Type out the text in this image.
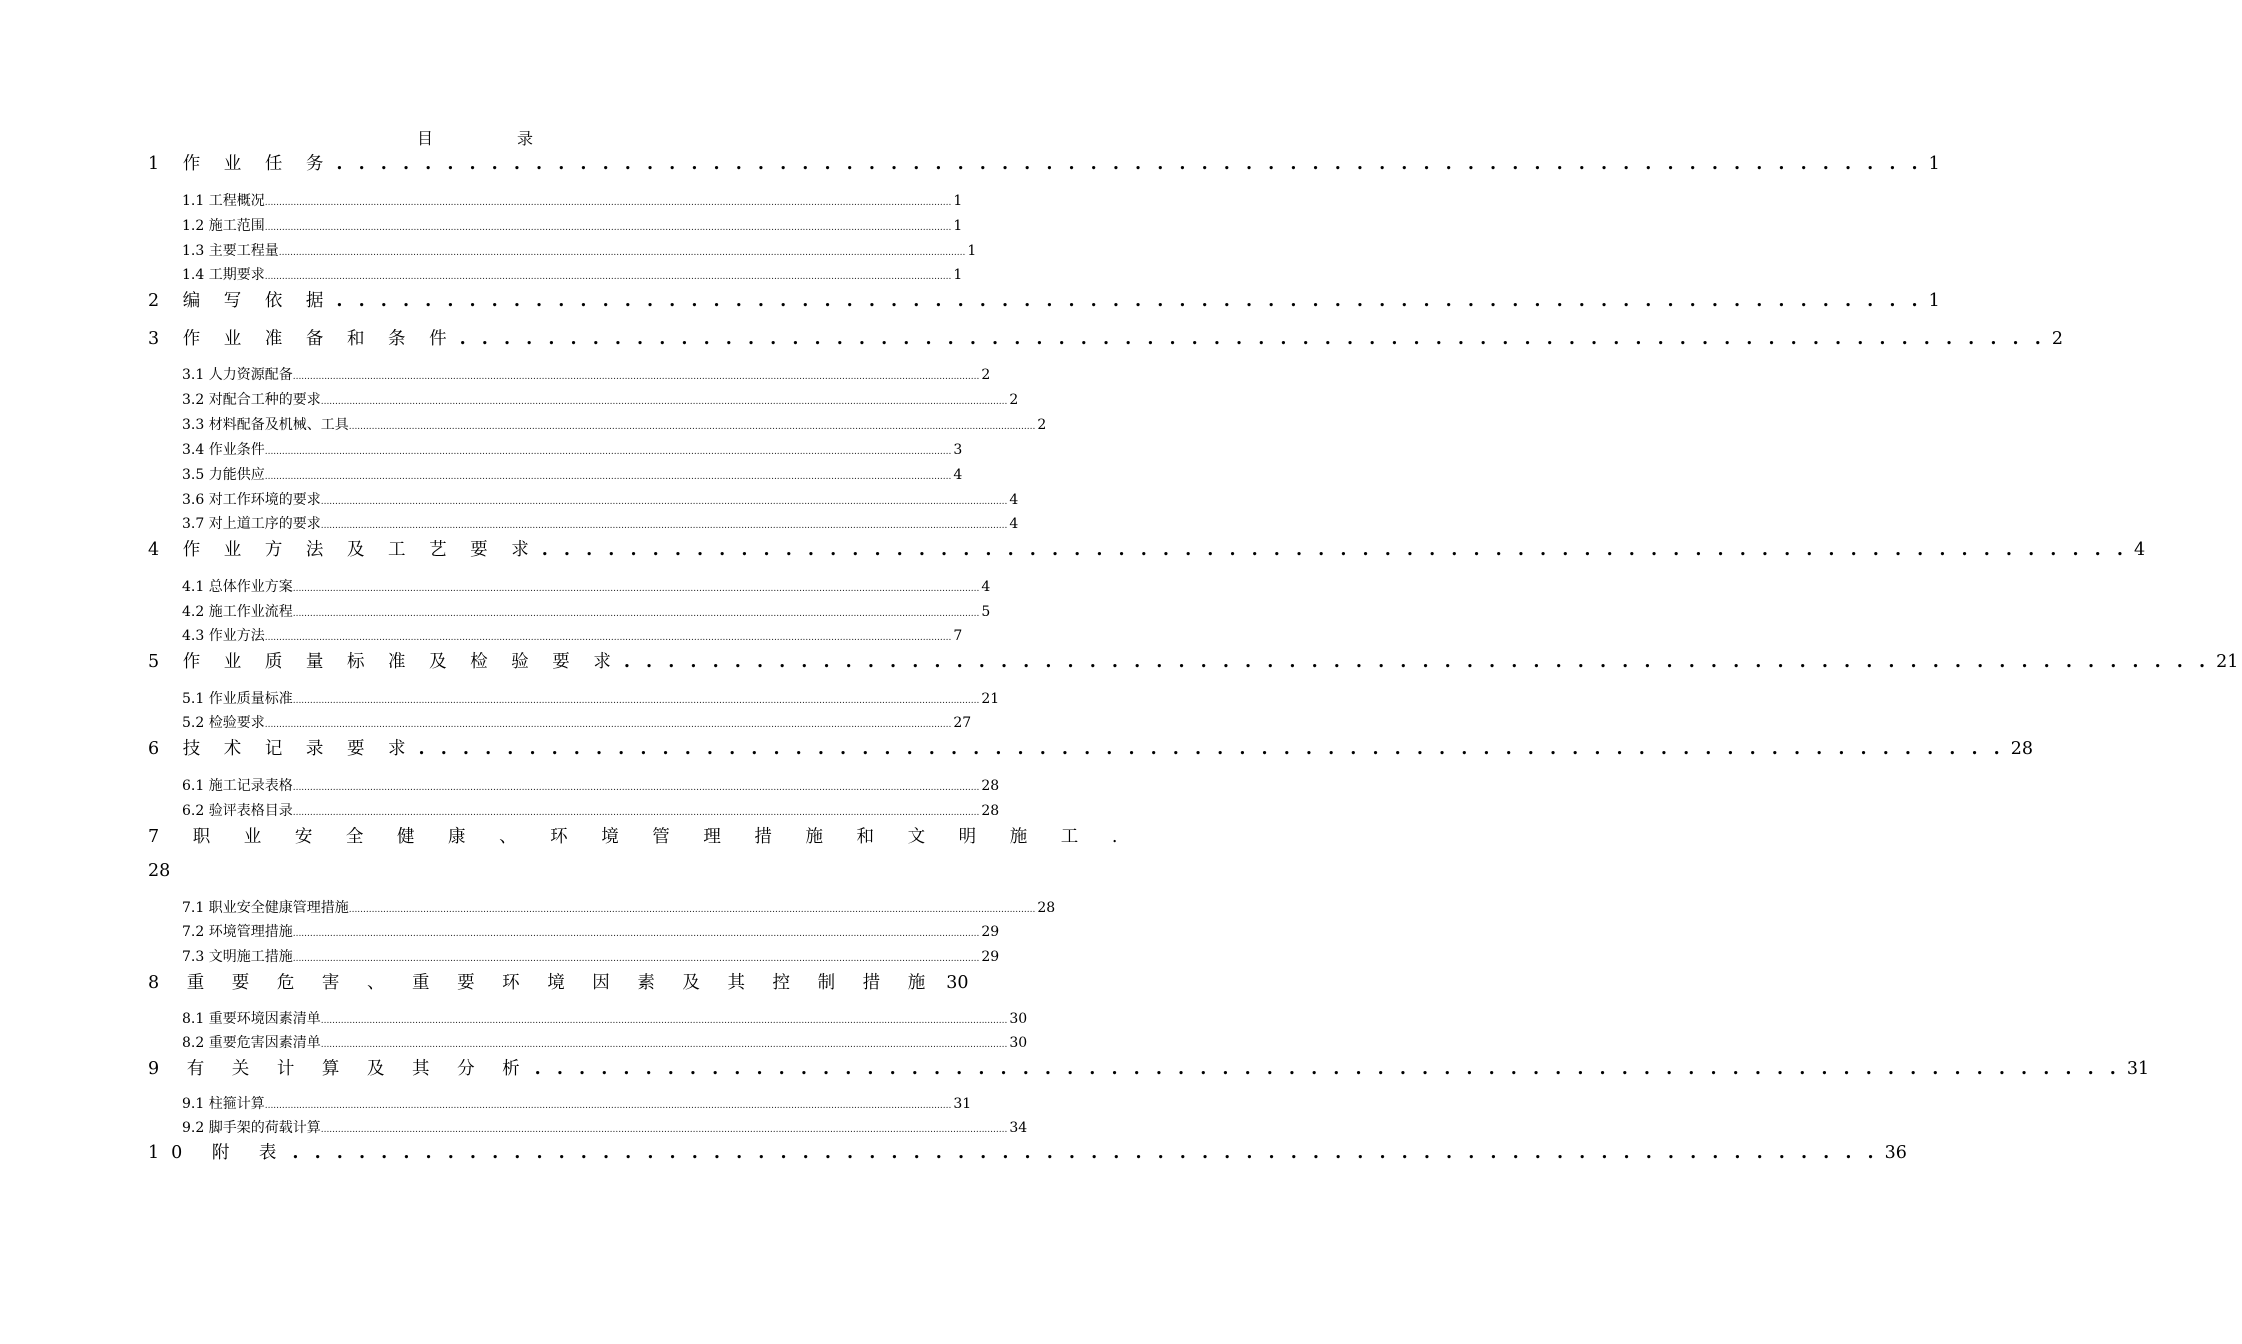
目	录
1 作 业 任 务 . . . . . . . . . . . . . . . . . . . . . . . . . . . . . . . . . . . . . . . . . . . . . . . . . . . . . . . . . . . . . . . . . . . . . . . . 1
1.1 工程概况 ................................................................................................................................................................................................................................................ 1
1.2 施工范围 ................................................................................................................................................................................................................................................ 1
1.3 主要工程量 ................................................................................................................................................................................................................................................ 1
1.4 工期要求 ................................................................................................................................................................................................................................................ 1
2 编 写 依 据 . . . . . . . . . . . . . . . . . . . . . . . . . . . . . . . . . . . . . . . . . . . . . . . . . . . . . . . . . . . . . . . . . . . . . . . . 1
3 作 业 准 备 和 条 件 . . . . . . . . . . . . . . . . . . . . . . . . . . . . . . . . . . . . . . . . . . . . . . . . . . . . . . . . . . . . . . . . . . . . . . . . 2
3.1 人力资源配备 ................................................................................................................................................................................................................................................ 2
3.2 对配合工种的要求 ................................................................................................................................................................................................................................................ 2
3.3 材料配备及机械、工具 ................................................................................................................................................................................................................................................ 2
3.4 作业条件 ................................................................................................................................................................................................................................................ 3
3.5 力能供应 ................................................................................................................................................................................................................................................ 4
3.6 对工作环境的要求 ................................................................................................................................................................................................................................................ 4
3.7 对上道工序的要求 ................................................................................................................................................................................................................................................ 4
4 作 业 方 法 及 工 艺 要 求 . . . . . . . . . . . . . . . . . . . . . . . . . . . . . . . . . . . . . . . . . . . . . . . . . . . . . . . . . . . . . . . . . . . . . . . . 4
4.1 总体作业方案 ................................................................................................................................................................................................................................................ 4
4.2 施工作业流程 ................................................................................................................................................................................................................................................ 5
4.3 作业方法 ................................................................................................................................................................................................................................................ 7
5 作 业 质 量 标 准 及 检 验 要 求 . . . . . . . . . . . . . . . . . . . . . . . . . . . . . . . . . . . . . . . . . . . . . . . . . . . . . . . . . . . . . . . . . . . . . . . . 21
5.1 作业质量标准 ................................................................................................................................................................................................................................................ 21
5.2 检验要求 ................................................................................................................................................................................................................................................ 27
6 技 术 记 录 要 求 . . . . . . . . . . . . . . . . . . . . . . . . . . . . . . . . . . . . . . . . . . . . . . . . . . . . . . . . . . . . . . . . . . . . . . . . 28
6.1 施工记录表格 ................................................................................................................................................................................................................................................ 28
6.2 验评表格目录 ................................................................................................................................................................................................................................................ 28
7 职 业 安 全 健 康 、 环 境 管 理 措 施 和 文 明 施 工 .
28
7.1 职业安全健康管理措施 ................................................................................................................................................................................................................................................ 28
7.2 环境管理措施 ................................................................................................................................................................................................................................................ 29
7.3 文明施工措施 ................................................................................................................................................................................................................................................ 29
8 重 要 危 害 、 重 要 环 境 因 素 及 其 控 制 措 施 30
8.1 重要环境因素清单 ................................................................................................................................................................................................................................................ 30
8.2 重要危害因素清单 ................................................................................................................................................................................................................................................ 30
9 有 关 计 算 及 其 分 析 . . . . . . . . . . . . . . . . . . . . . . . . . . . . . . . . . . . . . . . . . . . . . . . . . . . . . . . . . . . . . . . . . . . . . . . . 31
9.1 柱箍计算 ................................................................................................................................................................................................................................................ 31
9.2 脚手架的荷载计算 ................................................................................................................................................................................................................................................ 34
10 附 表 . . . . . . . . . . . . . . . . . . . . . . . . . . . . . . . . . . . . . . . . . . . . . . . . . . . . . . . . . . . . . . . . . . . . . . . . 36
